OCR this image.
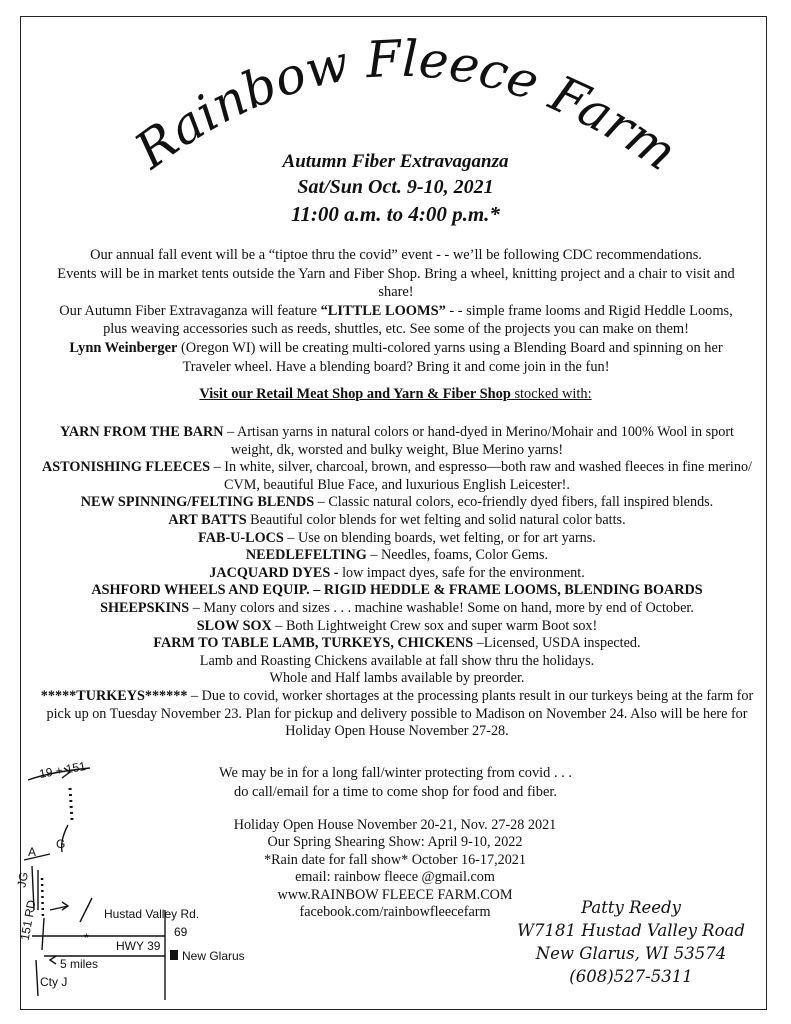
Rainbow Fleece Farm
Autumn Fiber Extravaganza
Sat/Sun Oct. 9-10, 2021
11:00 a.m. to 4:00 p.m.*

Our annual fall event will be a “tiptoe thru the covid” event - - we’ll be following CDC recommendations.

Events will be in market tents outside the Yarn and Fiber Shop. Bring a wheel, knitting project and a chair to visit and share!

Our Autumn Fiber Extravaganza will feature “LITTLE LOOMS” - - simple frame looms and Rigid Heddle Looms, plus weaving accessories such as reeds, shuttles, etc. See some of the projects you can make on them!

Lynn Weinberger (Oregon WI) will be creating multi-colored yarns using a Blending Board and spinning on her Traveler wheel. Have a blending board? Bring it and come join in the fun!

Visit our Retail Meat Shop and Yarn & Fiber Shop stocked with:

YARN FROM THE BARN – Artisan yarns in natural colors or hand-dyed in Merino/Mohair and 100% Wool in sport weight, dk, worsted and bulky weight, Blue Merino yarns!

ASTONISHING FLEECES – In white, silver, charcoal, brown, and espresso—both raw and washed fleeces in fine merino/ CVM, beautiful Blue Face, and luxurious English Leicester!.

NEW SPINNING/FELTING BLENDS – Classic natural colors, eco-friendly dyed fibers, fall inspired blends.

ART BATTS Beautiful color blends for wet felting and solid natural color batts.

FAB-U-LOCS – Use on blending boards, wet felting, or for art yarns.

NEEDLEFELTING – Needles, foams, Color Gems.

JACQUARD DYES - low impact dyes, safe for the environment.

ASHFORD WHEELS AND EQUIP. – RIGID HEDDLE & FRAME LOOMS, BLENDING BOARDS

SHEEPSKINS – Many colors and sizes . . . machine washable! Some on hand, more by end of October.

SLOW SOX – Both Lightweight Crew sox and super warm Boot sox!

FARM TO TABLE LAMB, TURKEYS, CHICKENS –Licensed, USDA inspected.

Lamb and Roasting Chickens available at fall show thru the holidays.

Whole and Half lambs available by preorder.

*****TURKEYS****** – Due to covid, worker shortages at the processing plants result in our turkeys being at the farm for pick up on Tuesday November 23. Plan for pickup and delivery possible to Madison on November 24. Also will be here for Holiday Open House November 27-28.

We may be in for a long fall/winter protecting from covid . . .

do call/email for a time to come shop for food and fiber.

Holiday Open House November 20-21, Nov. 27-28 2021

Our Spring Shearing Show: April 9-10, 2022

*Rain date for fall show* October 16-17,2021

email: rainbow fleece @gmail.com

www.RAINBOW FLEECE FARM.COM

facebook.com/rainbowfleecefarm	Patty Reedy

W7181 Hustad Valley Road

New Glarus, WI 53574

(608)527-5311

19 + 151
A
G
JG
Hustad Valley Rd.
*
151 RD
HWY 39
69
New Glarus
5 miles
Cty J
